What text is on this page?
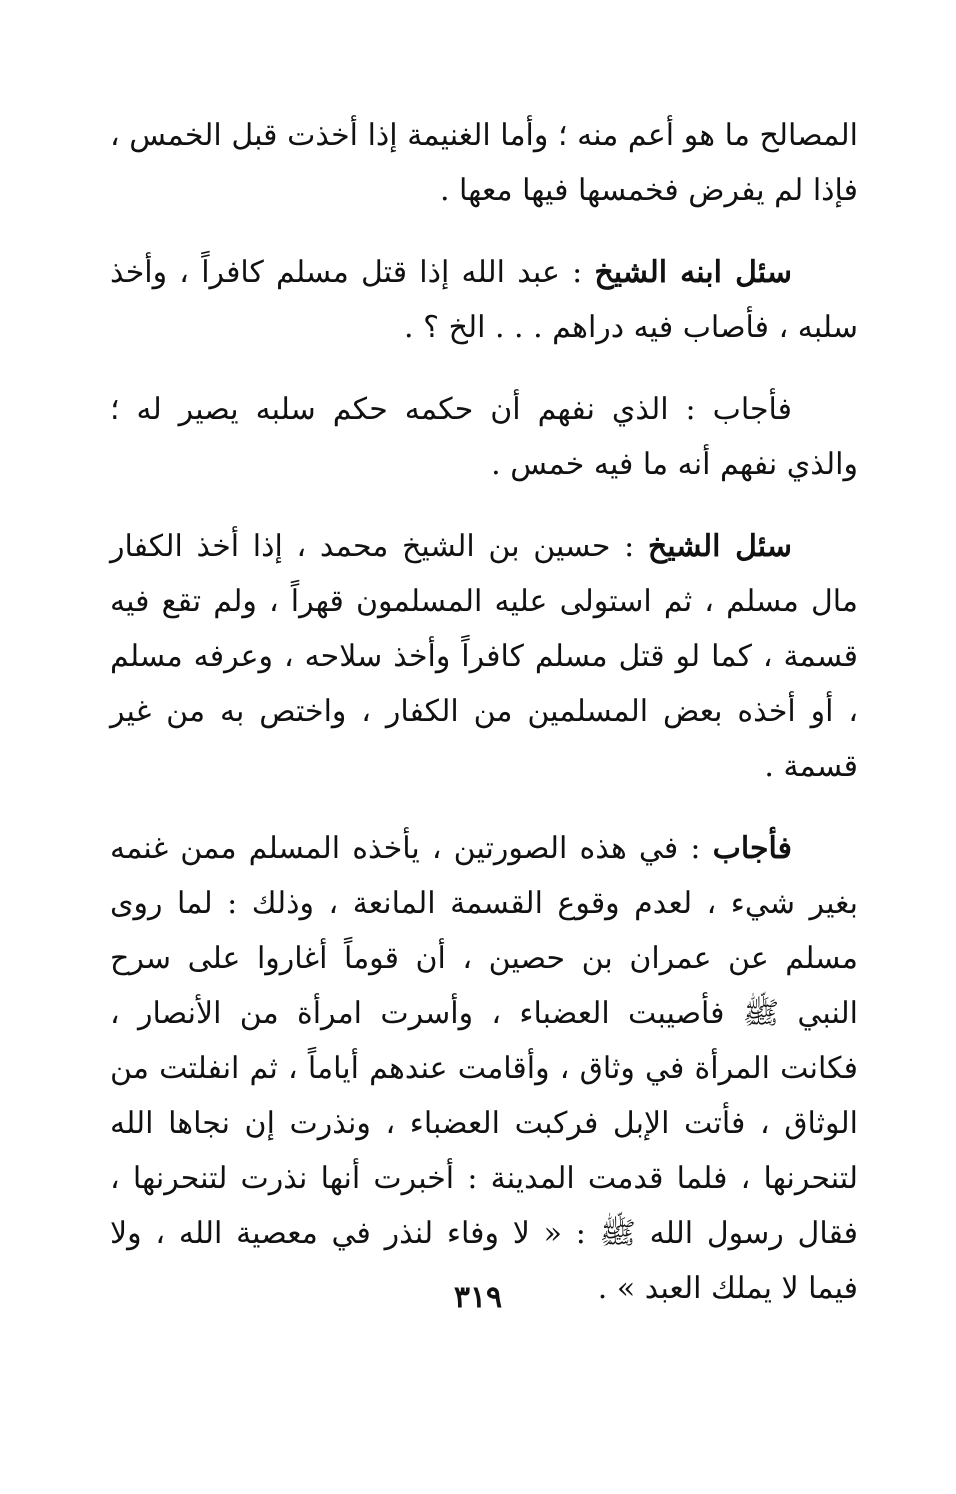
المصالح ما هو أعم منه ؛ وأما الغنيمة إذا أخذت قبل الخمس ، فإذا لم يفرض فخمسها فيها معها .

سئل ابنه الشيخ : عبد الله إذا قتل مسلم كافراً ، وأخذ سلبه ، فأصاب فيه دراهم . . . الخ ؟ .

فأجاب : الذي نفهم أن حكمه حكم سلبه يصير له ؛ والذي نفهم أنه ما فيه خمس .

سئل الشيخ : حسين بن الشيخ محمد ، إذا أخذ الكفار مال مسلم ، ثم استولى عليه المسلمون قهراً ، ولم تقع فيه قسمة ، كما لو قتل مسلم كافراً وأخذ سلاحه ، وعرفه مسلم ، أو أخذه بعض المسلمين من الكفار ، واختص به من غير قسمة .

فأجاب : في هذه الصورتين ، يأخذه المسلم ممن غنمه بغير شيء ، لعدم وقوع القسمة المانعة ، وذلك : لما روى مسلم عن عمران بن حصين ، أن قوماً أغاروا على سرح النبي ﷺ فأصيبت العضباء ، وأسرت امرأة من الأنصار ، فكانت المرأة في وثاق ، وأقامت عندهم أياماً ، ثم انفلتت من الوثاق ، فأتت الإبل فركبت العضباء ، ونذرت إن نجاها الله لتنحرنها ، فلما قدمت المدينة : أخبرت أنها نذرت لتنحرنها ، فقال رسول الله ﷺ : « لا وفاء لنذر في معصية الله ، ولا فيما لا يملك العبد » .

٣١٩
